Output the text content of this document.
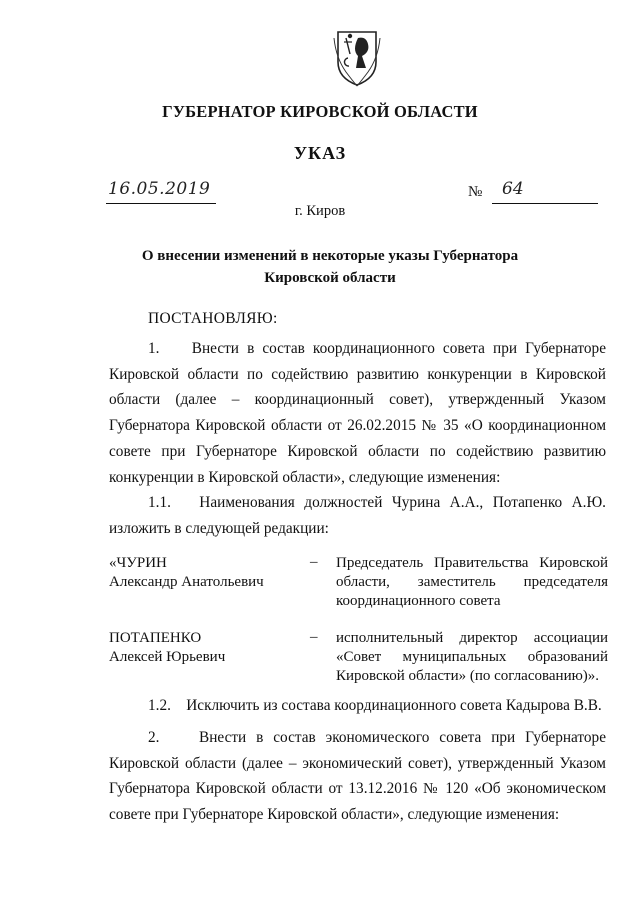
ГУБЕРНАТОР КИРОВСКОЙ ОБЛАСТИ
УКАЗ
16.05.2019	№ 64
г. Киров
О внесении изменений в некоторые указы Губернатора Кировской области
ПОСТАНОВЛЯЮ:
1.    Внести в состав координационного совета при Губернаторе Кировской области по содействию развитию конкуренции в Кировской области (далее – координационный совет), утвержденный Указом Губернатора Кировской области от 26.02.2015 № 35 «О координационном совете при Губернаторе Кировской области по содействию развитию конкуренции в Кировской области», следующие изменения:
1.1.   Наименования должностей Чурина А.А., Потапенко А.Ю. изложить в следующей редакции:
«ЧУРИН
Александр Анатольевич
– Председатель Правительства Кировской области, заместитель председателя координационного совета
ПОТАПЕНКО
Алексей Юрьевич
– исполнительный директор ассоциации «Совет муниципальных образований Кировской области» (по согласованию)».
1.2.    Исключить из состава координационного совета Кадырова В.В.
2.    Внести в состав экономического совета при Губернаторе Кировской области (далее – экономический совет), утвержденный Указом Губернатора Кировской области от 13.12.2016 № 120 «Об экономическом совете при Губернаторе Кировской области», следующие изменения:
